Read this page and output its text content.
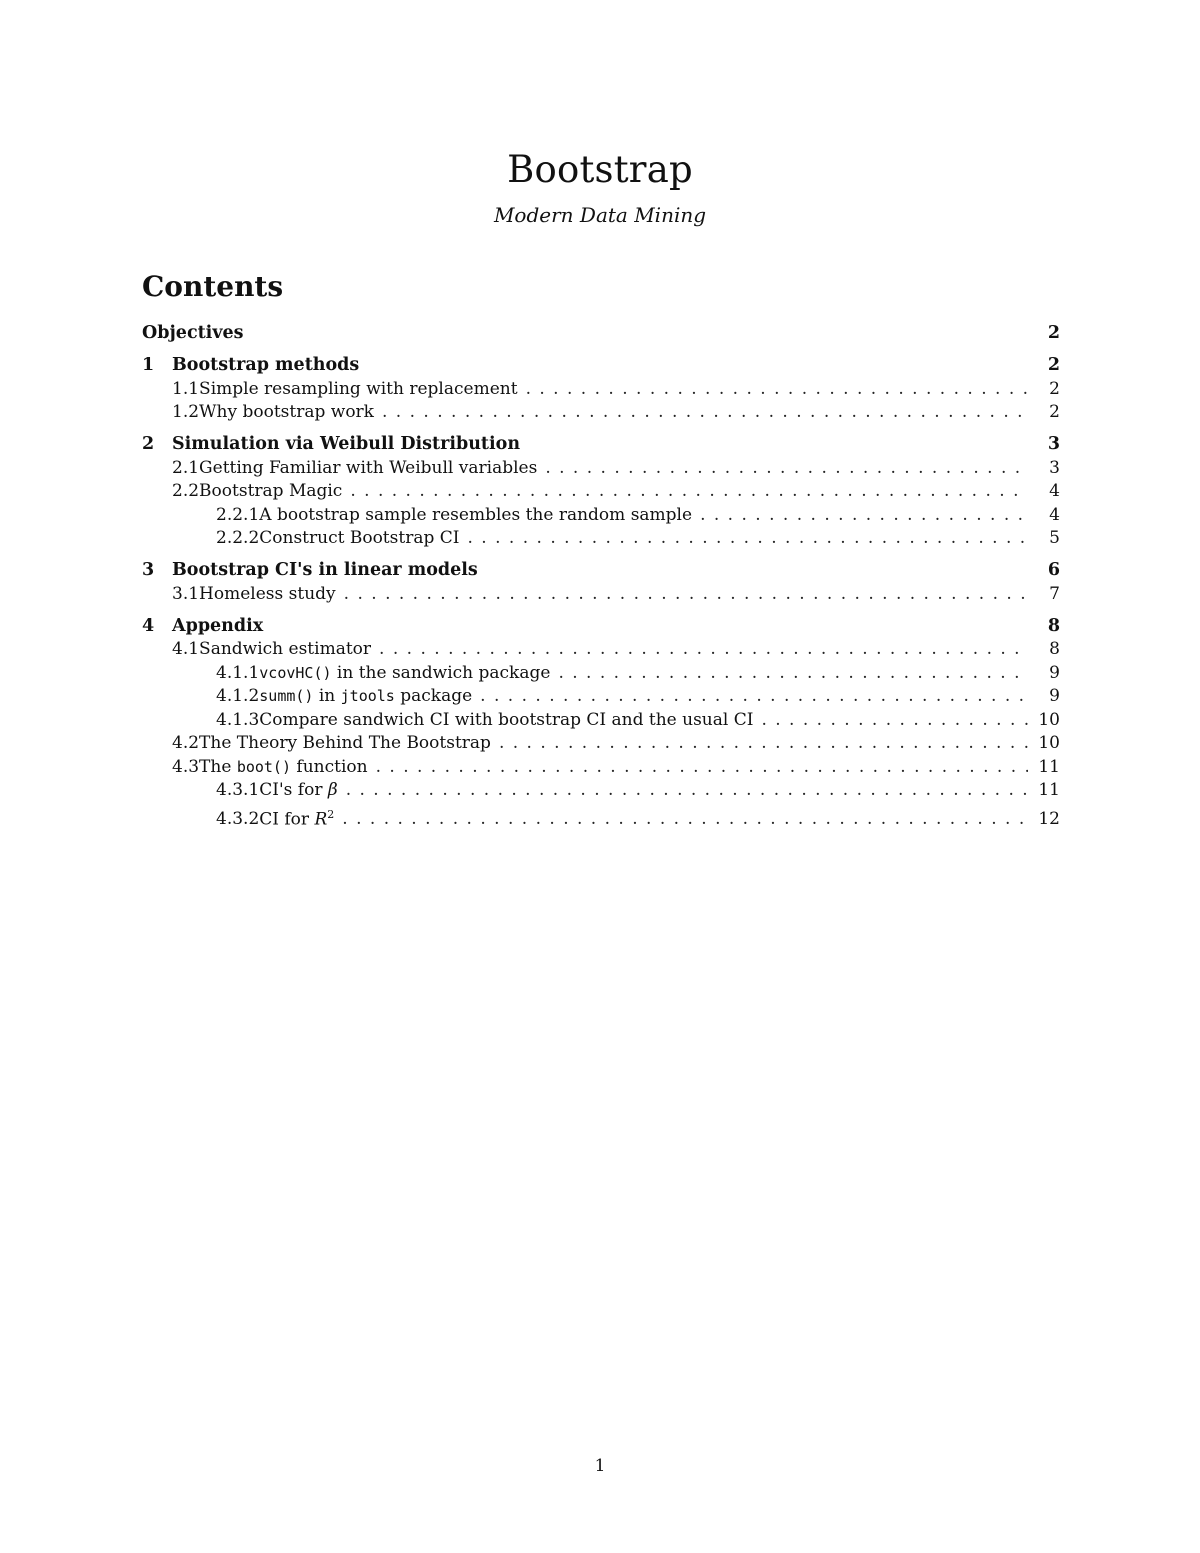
Bootstrap
Modern Data Mining
Contents
Objectives	2
1	Bootstrap methods	2
1.1 Simple resampling with replacement . . .	2
1.2 Why bootstrap work . . .	2
2	Simulation via Weibull Distribution	3
2.1 Getting Familiar with Weibull variables . . .	3
2.2 Bootstrap Magic . . .	4
2.2.1 A bootstrap sample resembles the random sample . . .	4
2.2.2 Construct Bootstrap CI . . .	5
3	Bootstrap CI's in linear models	6
3.1 Homeless study . . .	7
4	Appendix	8
4.1 Sandwich estimator . . .	8
4.1.1 vcovHC() in the sandwich package . . .	9
4.1.2 summ() in jtools package . . .	9
4.1.3 Compare sandwich CI with bootstrap CI and the usual CI . . .	10
4.2 The Theory Behind The Bootstrap . . .	10
4.3 The boot() function . . .	11
4.3.1 CI's for β . . .	11
4.3.2 CI for $R^2$ . . .	12
1
